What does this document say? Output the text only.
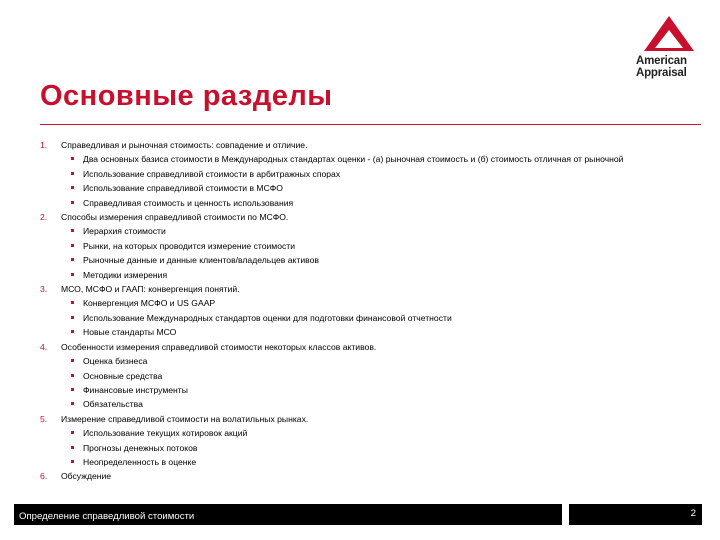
American
Appraisal
Основные разделы
1. Справедливая и рыночная стоимость: совпадение и отличие.
Два основных базиса стоимости в Международных стандартах оценки - (а) рыночная стоимость и (б) стоимость отличная от рыночной
Использование справедливой стоимости в арбитражных спорах
Использование справедливой стоимости в МСФО
Справедливая стоимость и ценность использования
2. Способы измерения справедливой стоимости по МСФО.
Иерархия стоимости
Рынки, на которых проводится измерение стоимости
Рыночные данные и данные клиентов/владельцев активов
Методики измерения
3. МСО, МСФО и ГААП: конвергенция понятий.
Конвергенция МСФО и US GAAP
Использование Международных стандартов оценки для подготовки финансовой отчетности
Новые стандарты МСО
4. Особенности измерения справедливой стоимости некоторых классов активов.
Оценка бизнеса
Основные средства
Финансовые инструменты
Обязательства
5. Измерение справедливой стоимости на волатильных рынках.
Использование текущих котировок акций
Прогнозы денежных потоков
Неопределенность в оценке
6. Обсуждение
Определение справедливой стоимости	2
